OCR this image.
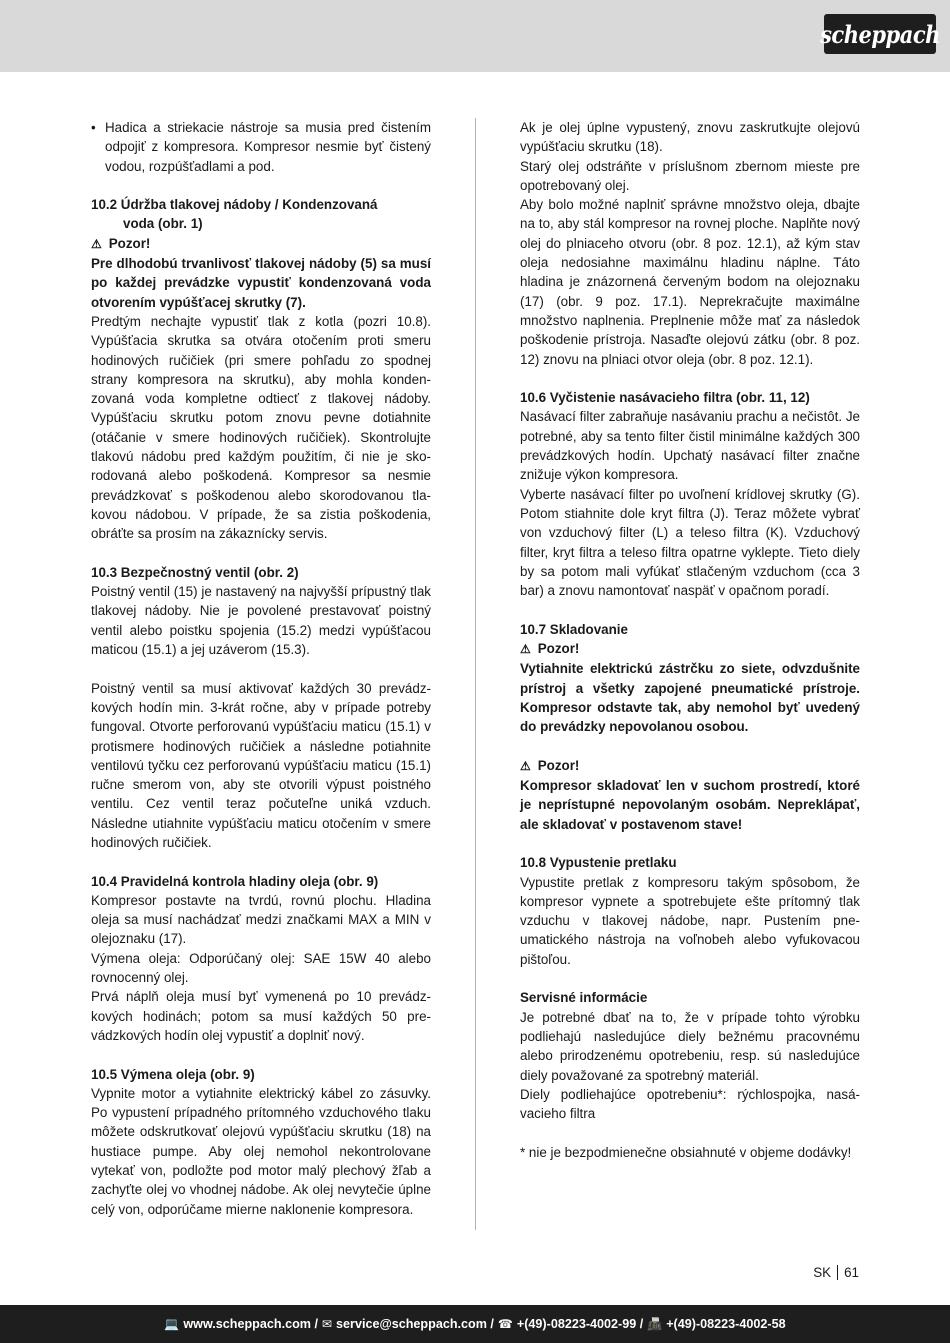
scheppach
• Hadica a striekacie nástroje sa musia pred čistením odpojiť z kompresora. Kompresor nesmie byť čistený vodou, rozpúšťadlami a pod.
10.2 Údržba tlakovej nádoby / Kondenzovaná
voda (obr. 1)
⚠ Pozor!
Pre dlhodobú trvanlivosť tlakovej nádoby (5) sa musí po každej prevádzke vypustiť kondenzovaná voda otvorením vypúšťacej skrutky (7).
Predtým nechajte vypustiť tlak z kotla (pozri 10.8). Vypúšťacia skrutka sa otvára otočením proti smeru hodinových ručičiek (pri smere pohľadu zo spodnej strany kompresora na skrutku), aby mohla kondenzovaná voda kompletne odtiecť z tlakovej nádoby. Vypúšťaciu skrutku potom znovu pevne dotiahnite (otáčanie v smere hodinových ručičiek). Skontrolujte tlakovú nádobu pred každým použitím, či nie je skorodovaná alebo poškodená. Kompresor sa nesmie prevádzkovať s poškodenou alebo skorodovanou tlakovou nádobou. V prípade, že sa zistia poškodenia, obráťte sa prosím na zákaznícky servis.
10.3 Bezpečnostný ventil (obr. 2)
Poistný ventil (15) je nastavený na najvyšší prípustný tlak tlakovej nádoby. Nie je povolené prestavovať poistný ventil alebo poistku spojenia (15.2) medzi vypúšťacou maticou (15.1) a jej uzáverom (15.3).
Poistný ventil sa musí aktivovať každých 30 prevádzkových hodín min. 3-krát ročne, aby v prípade potreby fungoval. Otvorte perforovanú vypúšťaciu maticu (15.1) v protismere hodinových ručičiek a následne potiahnite ventilovú tyčku cez perforovanú vypúšťaciu maticu (15.1) ručne smerom von, aby ste otvorili výpust poistného ventilu. Cez ventil teraz počuteľne uniká vzduch. Následne utiahnite vypúšťaciu maticu otočením v smere hodinových ručičiek.
10.4 Pravidelná kontrola hladiny oleja (obr. 9)
Kompresor postavte na tvrdú, rovnú plochu. Hladina oleja sa musí nachádzať medzi značkami MAX a MIN v olejoznaku (17).
Výmena oleja: Odporúčaný olej: SAE 15W 40 alebo rovnocenný olej.
Prvá náplň oleja musí byť vymenená po 10 prevádzkových hodinách; potom sa musí každých 50 prevádzkových hodín olej vypustiť a doplniť nový.
10.5 Výmena oleja (obr. 9)
Vypnite motor a vytiahnite elektrický kábel zo zásuvky. Po vypustení prípadného prítomného vzduchového tlaku môžete odskrutkovať olejovú vypúšťaciu skrutku (18) na hustiace pumpe. Aby olej nemohol nekontrolovane vytekať von, podložte pod motor malý plechový žľab a zachyťte olej vo vhodnej nádobe. Ak olej nevytečie úplne celý von, odporúčame mierne naklonenie kompresora.
Ak je olej úplne vypustený, znovu zaskrutkujte olejovú vypúšťaciu skrutku (18).
Starý olej odstráňte v príslušnom zbernom mieste pre opotrebovaný olej.
Aby bolo možné naplniť správne množstvo oleja, dbajte na to, aby stál kompresor na rovnej ploche. Naplňte nový olej do plniaceho otvoru (obr. 8 poz. 12.1), až kým stav oleja nedosiahne maximálnu hladinu náplne. Táto hladina je znázornená červeným bodom na olejoznaku (17) (obr. 9 poz. 17.1). Neprekračujte maximálne množstvo naplnenia. Preplnenie môže mať za následok poškodenie prístroja. Nasaďte olejovú zátku (obr. 8 poz. 12) znovu na plniaci otvor oleja (obr. 8 poz. 12.1).
10.6 Vyčistenie nasávacieho filtra (obr. 11, 12)
Nasávací filter zabraňuje nasávaniu prachu a nečistôt. Je potrebné, aby sa tento filter čistil minimálne každých 300 prevádzkových hodín. Upchatý nasávací filter značne znižuje výkon kompresora.
Vyberte nasávací filter po uvoľnení krídlovej skrutky (G). Potom stiahnite dole kryt filtra (J). Teraz môžete vybrať von vzduchový filter (L) a teleso filtra (K). Vzduchový filter, kryt filtra a teleso filtra opatrne vyklepte. Tieto diely by sa potom mali vyfúkať stlačeným vzduchom (cca 3 bar) a znovu namontovať naspäť v opačnom poradí.
10.7 Skladovanie
⚠ Pozor!
Vytiahnite elektrickú zástrčku zo siete, odvzdušnite prístroj a všetky zapojené pneumatické prístroje. Kompresor odstavte tak, aby nemohol byť uvedený do prevádzky nepovolanou osobou.
⚠ Pozor!
Kompresor skladovať len v suchom prostredí, ktoré je neprístupné nepovolaným osobám. Nepreklápať, ale skladovať v postavenom stave!
10.8 Vypustenie pretlaku
Vypustite pretlak z kompresoru takým spôsobom, že kompresor vypnete a spotrebujete ešte prítomný tlak vzduchu v tlakovej nádobe, napr. Pustením pneumatického nástroja na voľnobeh alebo vyfukovacou pištoľou.
Servisné informácie
Je potrebné dbať na to, že v prípade tohto výrobku podliehajú nasledujúce diely bežnému pracovnému alebo prirodzenému opotrebeniu, resp. sú nasledujúce diely považované za spotrebný materiál.
Diely podliehajúce opotrebeniu*: rýchlospojka, nasávacieho filtra
* nie je bezpodmienečne obsiahnuté v objeme dodávky!
SK 61
💻 www.scheppach.com / ✉ service@scheppach.com / ☎ +(49)-08223-4002-99 / 📠 +(49)-08223-4002-58
